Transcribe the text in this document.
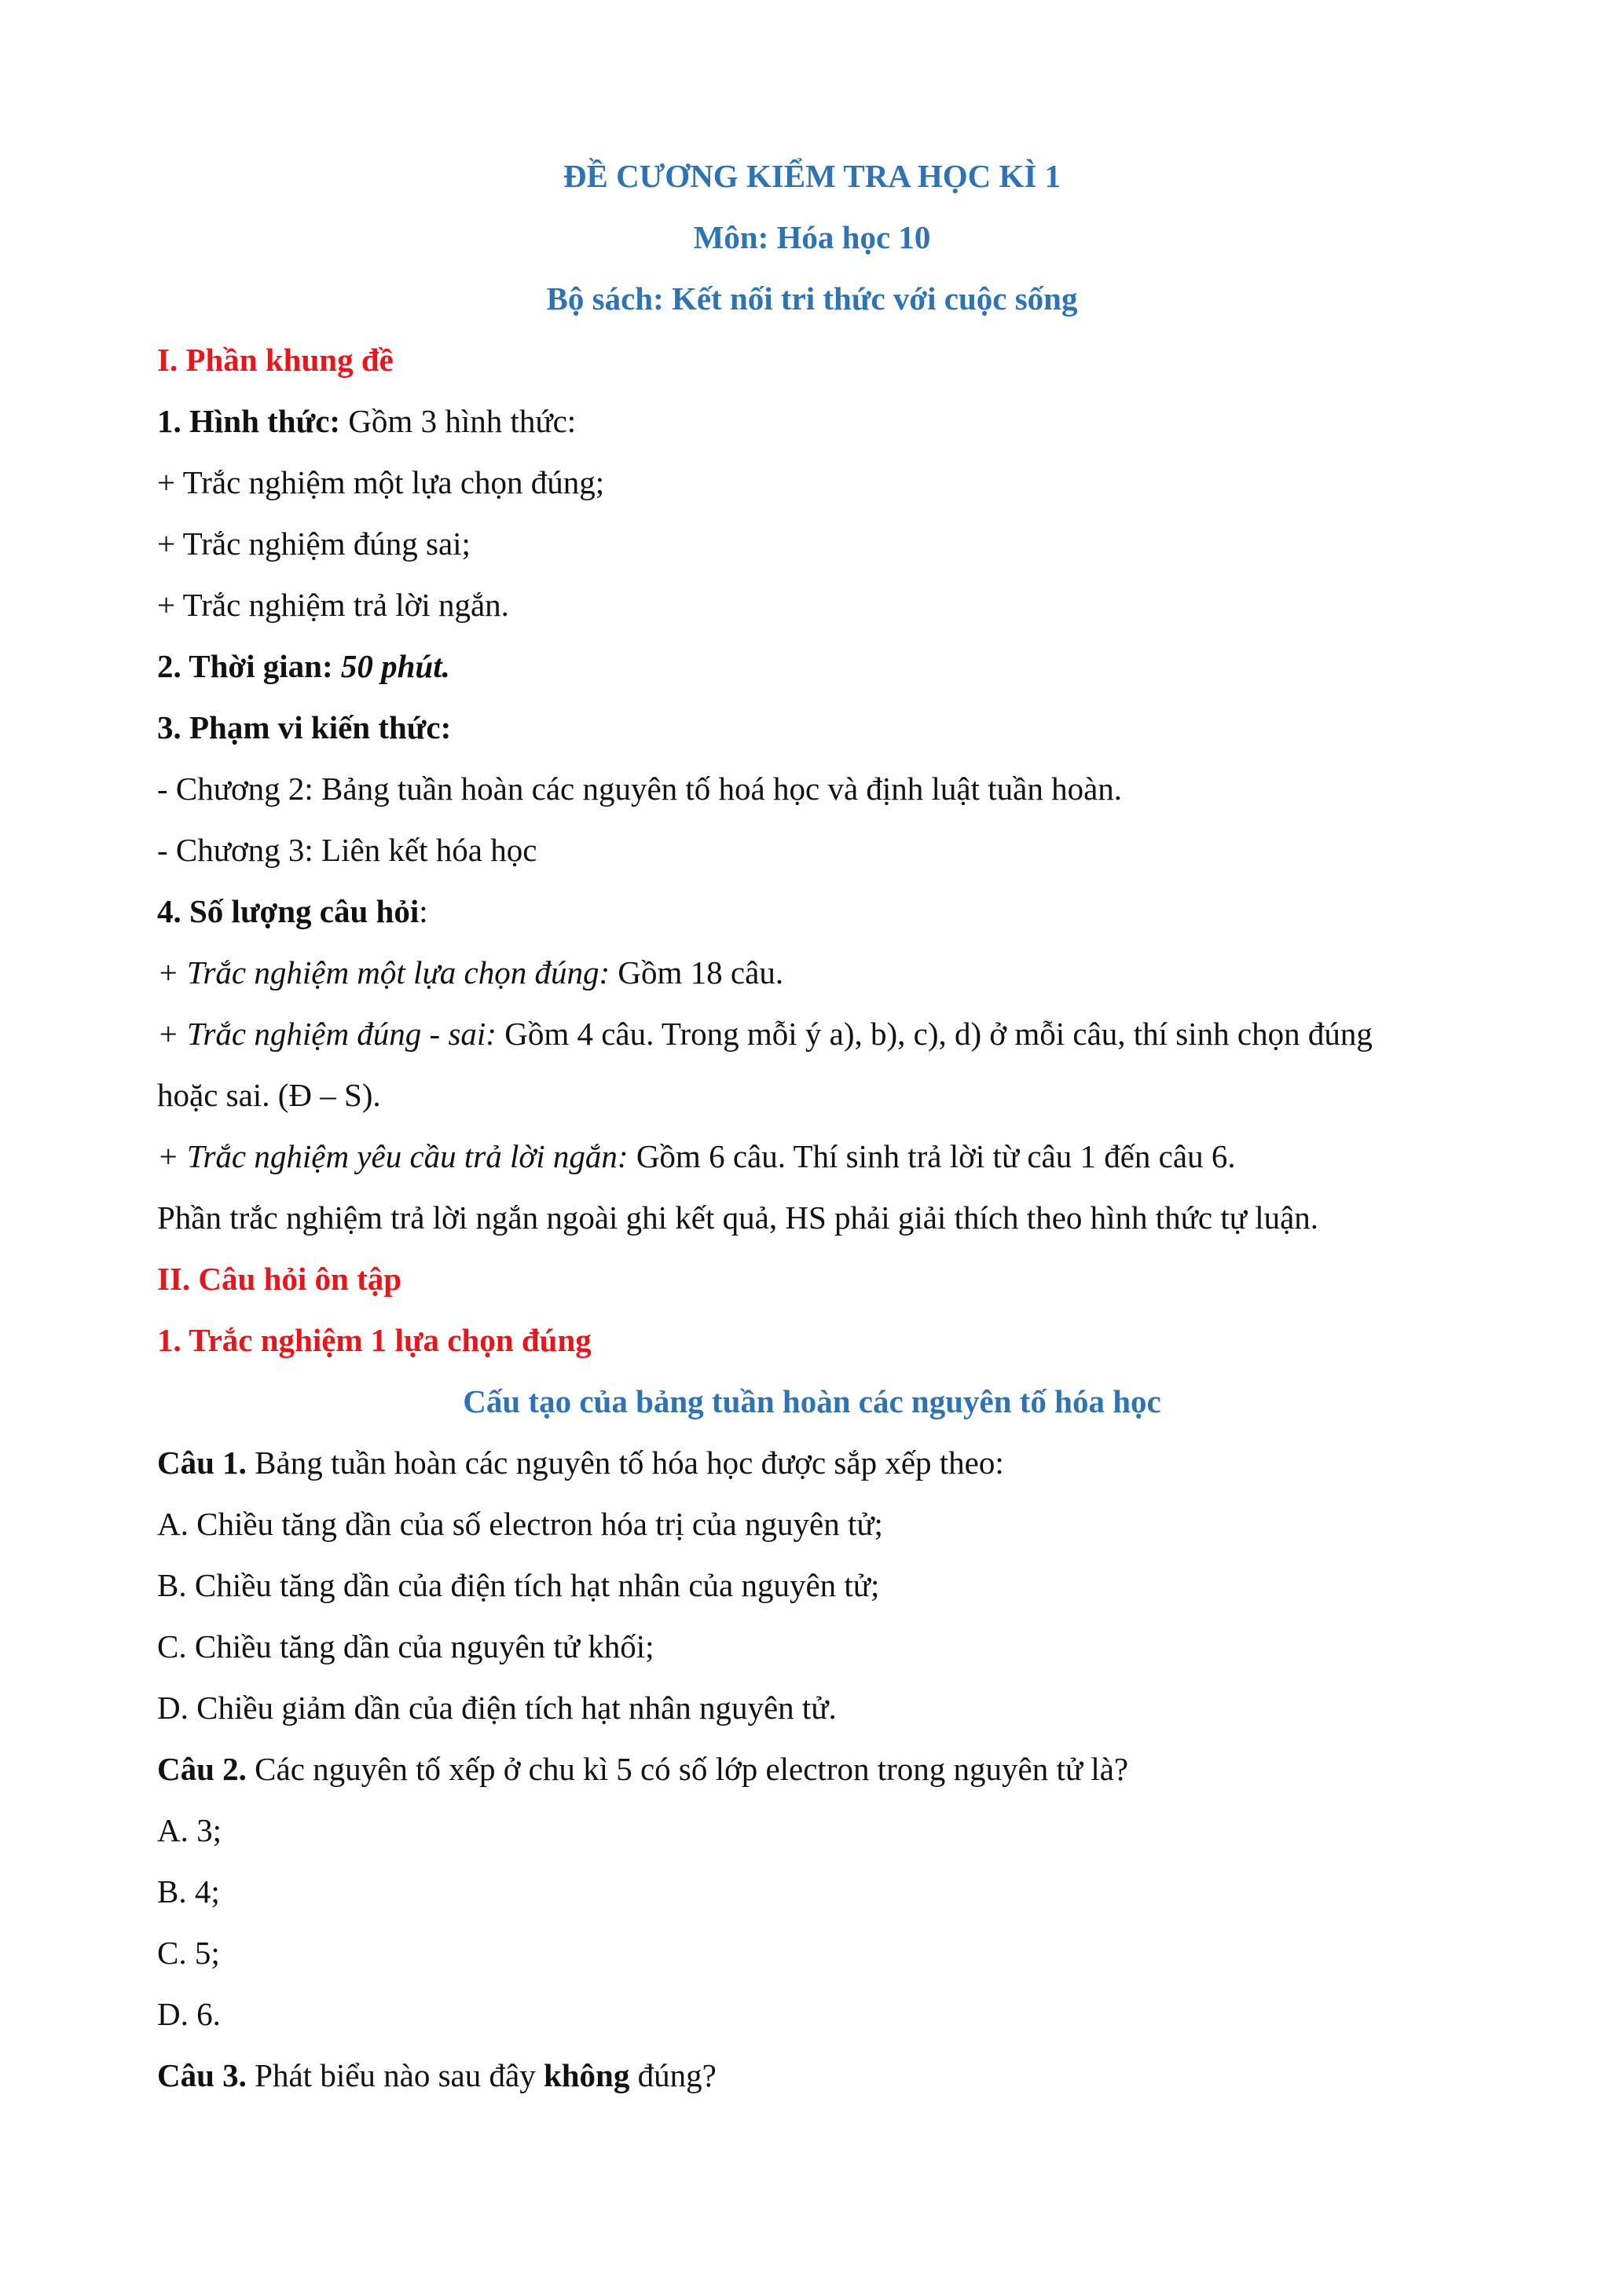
ĐỀ CƯƠNG KIỂM TRA HỌC KÌ 1
Môn: Hóa học 10
Bộ sách: Kết nối tri thức với cuộc sống
I. Phần khung đề
1. Hình thức: Gồm 3 hình thức:
+ Trắc nghiệm một lựa chọn đúng;
+ Trắc nghiệm đúng sai;
+ Trắc nghiệm trả lời ngắn.
2. Thời gian: 50 phút.
3. Phạm vi kiến thức:
- Chương 2: Bảng tuần hoàn các nguyên tố hoá học và định luật tuần hoàn.
- Chương 3: Liên kết hóa học
4. Số lượng câu hỏi:
+ Trắc nghiệm một lựa chọn đúng: Gồm 18 câu.
+ Trắc nghiệm đúng - sai: Gồm 4 câu. Trong mỗi ý a), b), c), d) ở mỗi câu, thí sinh chọn đúng
hoặc sai. (Đ – S).
+ Trắc nghiệm yêu cầu trả lời ngắn: Gồm 6 câu. Thí sinh trả lời từ câu 1 đến câu 6.
Phần trắc nghiệm trả lời ngắn ngoài ghi kết quả, HS phải giải thích theo hình thức tự luận.
II. Câu hỏi ôn tập
1. Trắc nghiệm 1 lựa chọn đúng
Cấu tạo của bảng tuần hoàn các nguyên tố hóa học
Câu 1. Bảng tuần hoàn các nguyên tố hóa học được sắp xếp theo:
A. Chiều tăng dần của số electron hóa trị của nguyên tử;
B. Chiều tăng dần của điện tích hạt nhân của nguyên tử;
C. Chiều tăng dần của nguyên tử khối;
D. Chiều giảm dần của điện tích hạt nhân nguyên tử.
Câu 2. Các nguyên tố xếp ở chu kì 5 có số lớp electron trong nguyên tử là?
A. 3;
B. 4;
C. 5;
D. 6.
Câu 3. Phát biểu nào sau đây không đúng?
